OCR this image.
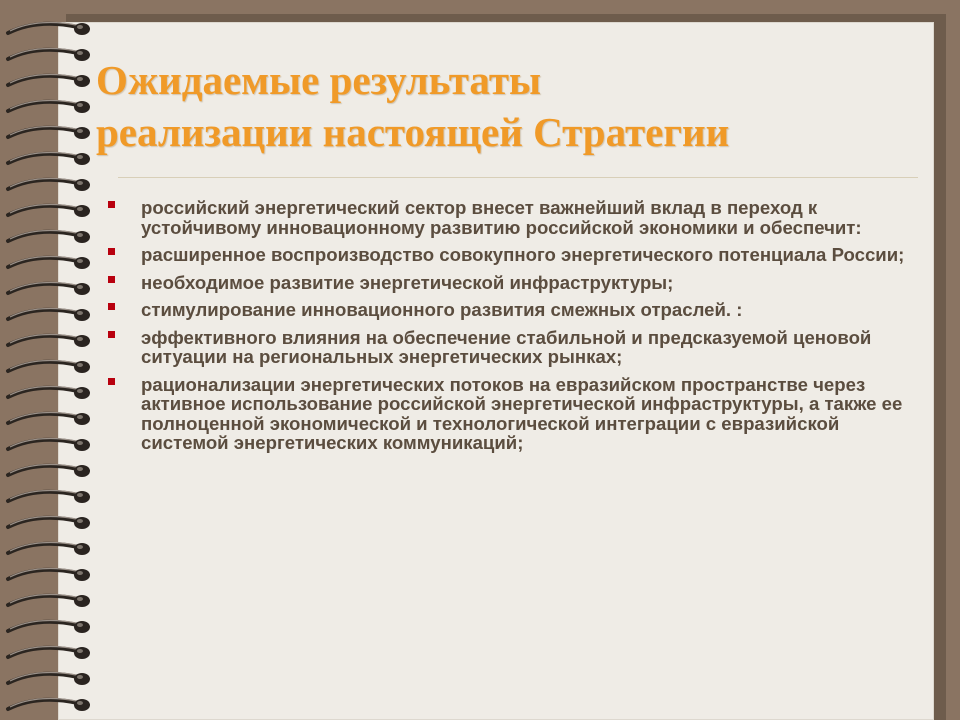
Ожидаемые результаты
реализации настоящей Стратегии
российский энергетический сектор внесет важнейший вклад в переход к устойчивому инновационному развитию российской экономики и обеспечит:
расширенное воспроизводство совокупного энергетического потенциала России;
необходимое развитие энергетической инфраструктуры;
стимулирование инновационного развития смежных отраслей. :
эффективного влияния на обеспечение стабильной и предсказуемой ценовой ситуации на региональных энергетических рынках;
рационализации энергетических потоков на евразийском пространстве через активное использование российской энергетической инфраструктуры, а также ее полноценной экономической и технологической интеграции с евразийской системой энергетических коммуникаций;
